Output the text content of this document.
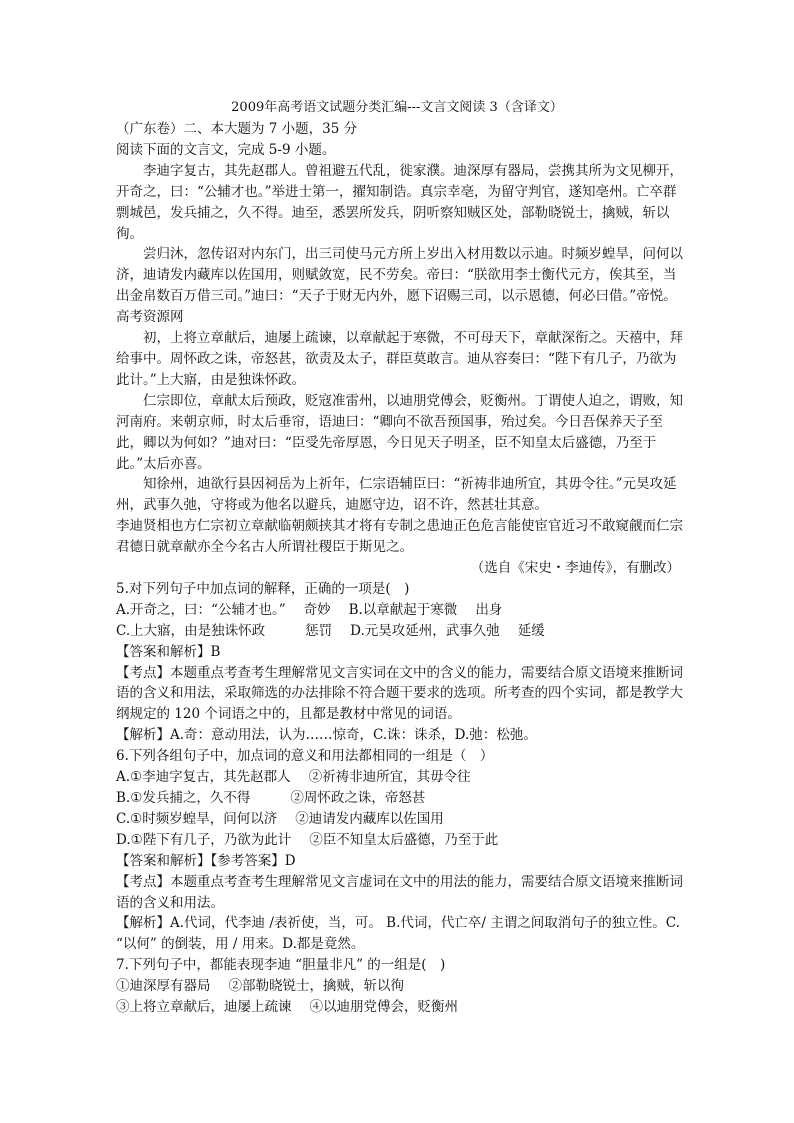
2009年高考语文试题分类汇编---文言文阅读 3（含译文）

（广东卷）二、本大题为 7 小题，35 分

阅读下面的文言文，完成 5-9 小题。

李迪字复古，其先赵郡人。曾祖避五代乱，徙家濮。迪深厚有器局，尝携其所为文见柳开，开奇之，曰：“公辅才也。”举进士第一，擢知制诰。真宗幸亳，为留守判官，遂知亳州。亡卒群剽城邑，发兵捕之，久不得。迪至，悉罢所发兵，阴听察知贼区处，部勒晓锐士，擒贼，斩以徇。

尝归沐，忽传诏对内东门，出三司使马元方所上岁出入材用数以示迪。时频岁蝗旱，问何以济，迪请发内藏库以佐国用，则赋敛宽，民不劳矣。帝曰：“朕欲用李士衡代元方，俟其至，当出金帛数百万借三司。”迪曰：“天子于财无内外，愿下诏赐三司，以示恩德，何必曰借。”帝悦。高考资源网

初，上将立章献后，迪屡上疏谏，以章献起于寒微，不可母天下，章献深衔之。天禧中，拜给事中。周怀政之诛，帝怒甚，欲责及太子，群臣莫敢言。迪从容奏曰：“陛下有几子，乃欲为此计。”上大寤，由是独诛怀政。

仁宗即位，章献太后预政，贬寇准雷州，以迪朋党傅会，贬衡州。丁谓使人迫之，谓败，知河南府。来朝京师，时太后垂帘，语迪曰：“卿向不欲吾预国事，殆过矣。今日吾保养天子至此，卿以为何如？”迪对曰：“臣受先帝厚恩，今日见天子明圣，臣不知皇太后盛德，乃至于此。”太后亦喜。

知徐州，迪欲行县因祠岳为上祈年，仁宗语辅臣曰：“祈祷非迪所宜，其毋令往。”元昊攻延州，武事久弛，守将或为他名以避兵，迪愿守边，诏不许，然甚壮其意。

李迪贤相也方仁宗初立章献临朝颇挟其才将有专制之患迪正色危言能使宦官近习不敢窥觎而仁宗君德日就章献亦全今名古人所谓社稷臣于斯见之。

（选自《宋史・李迪传》，有删改）

5.对下列句子中加点词的解释，正确的一项是(　)

A.开奇之，曰：“公辅才也。” 奇妙 B.以章献起于寒微 出身

C.上大寤，由是独诛怀政	惩罚 D.元昊攻延州，武事久弛 延缓

【答案和解析】B

【考点】本题重点考查考生理解常见文言实词在文中的含义的能力，需要结合原文语境来推断词语的含义和用法，采取筛选的办法排除不符合题干要求的选项。所考查的四个实词，都是教学大纲规定的 120 个词语之中的，且都是教材中常见的词语。

【解析】A.奇：意动用法，认为……惊奇，C.诛：诛杀，D.弛：松弛。

6.下列各组句子中，加点词的意义和用法都相同的一组是（　）

A.①李迪字复古，其先赵郡人 ②祈祷非迪所宜，其毋令往

B.①发兵捕之，久不得	②周怀政之诛，帝怒甚

C.①时频岁蝗旱，问何以济 ②迪请发内藏库以佐国用

D.①陛下有几子，乃欲为此计 ②臣不知皇太后盛德，乃至于此

【答案和解析】【参考答案】D

【考点】本题重点考查考生理解常见文言虚词在文中的用法的能力，需要结合原文语境来推断词语的含义和用法。

【解析】A.代词，代李迪 /表祈使，当，可。 B.代词，代亡卒/ 主谓之间取消句子的独立性。C. “以何” 的倒装，用 / 用来。D.都是竟然。

7.下列句子中，都能表现李迪 “胆量非凡” 的一组是(　)

①迪深厚有器局 ②部勒晓锐士，擒贼，斩以徇

③上将立章献后，迪屡上疏谏 ④以迪朋党傅会，贬衡州
